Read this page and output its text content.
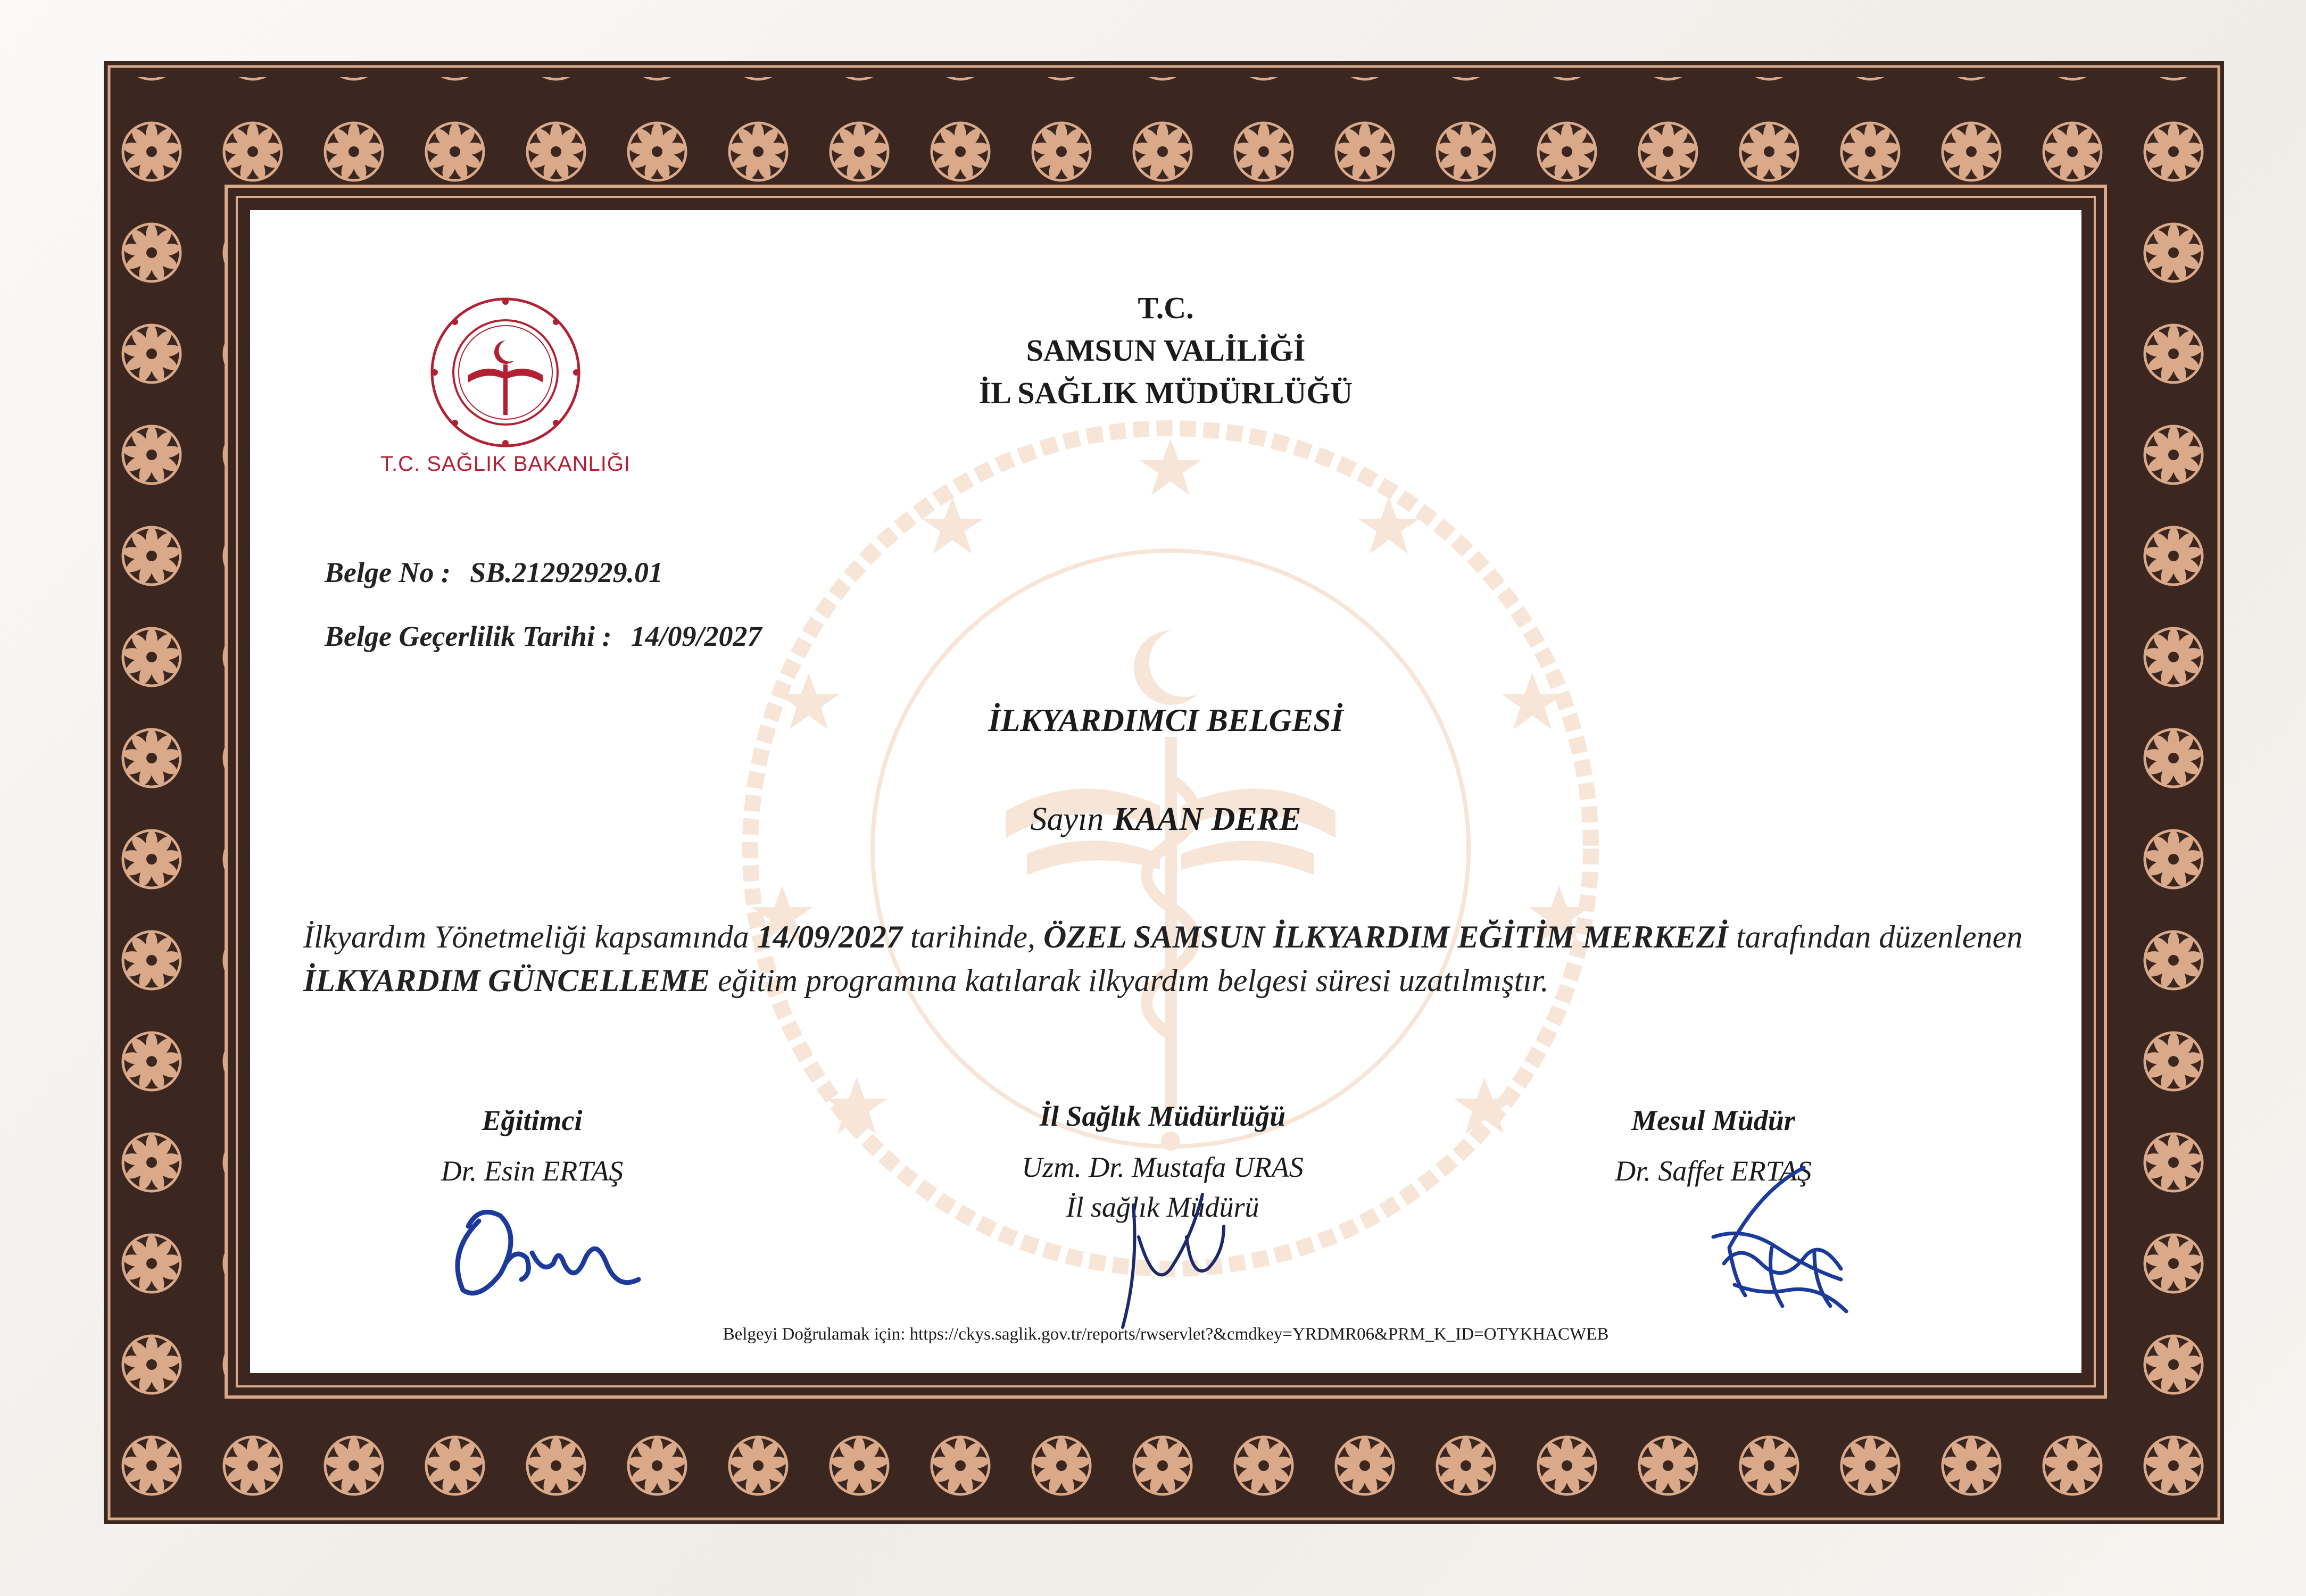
T.C. SAĞLIK BAKANLIĞI
T.C.
SAMSUN VALİLİĞİ
İL SAĞLIK MÜDÜRLÜĞÜ
Belge No : SB.21292929.01
Belge Geçerlilik Tarihi : 14/09/2027
İLKYARDIMCI BELGESİ
Sayın KAAN DERE
İlkyardım Yönetmeliği kapsamında 14/09/2027 tarihinde, ÖZEL SAMSUN İLKYARDIM EĞİTİM MERKEZİ tarafından düzenlenen İLKYARDIM GÜNCELLEME eğitim programına katılarak ilkyardım belgesi süresi uzatılmıştır.
Eğitimci
Dr. Esin ERTAŞ
İl Sağlık Müdürlüğü
Uzm. Dr. Mustafa URAS
İl sağlık Müdürü
Mesul Müdür
Dr. Saffet ERTAŞ
Belgeyi Doğrulamak için: https://ckys.saglik.gov.tr/reports/rwservlet?&cmdkey=YRDMR06&PRM_K_ID=OTYKHACWEB
